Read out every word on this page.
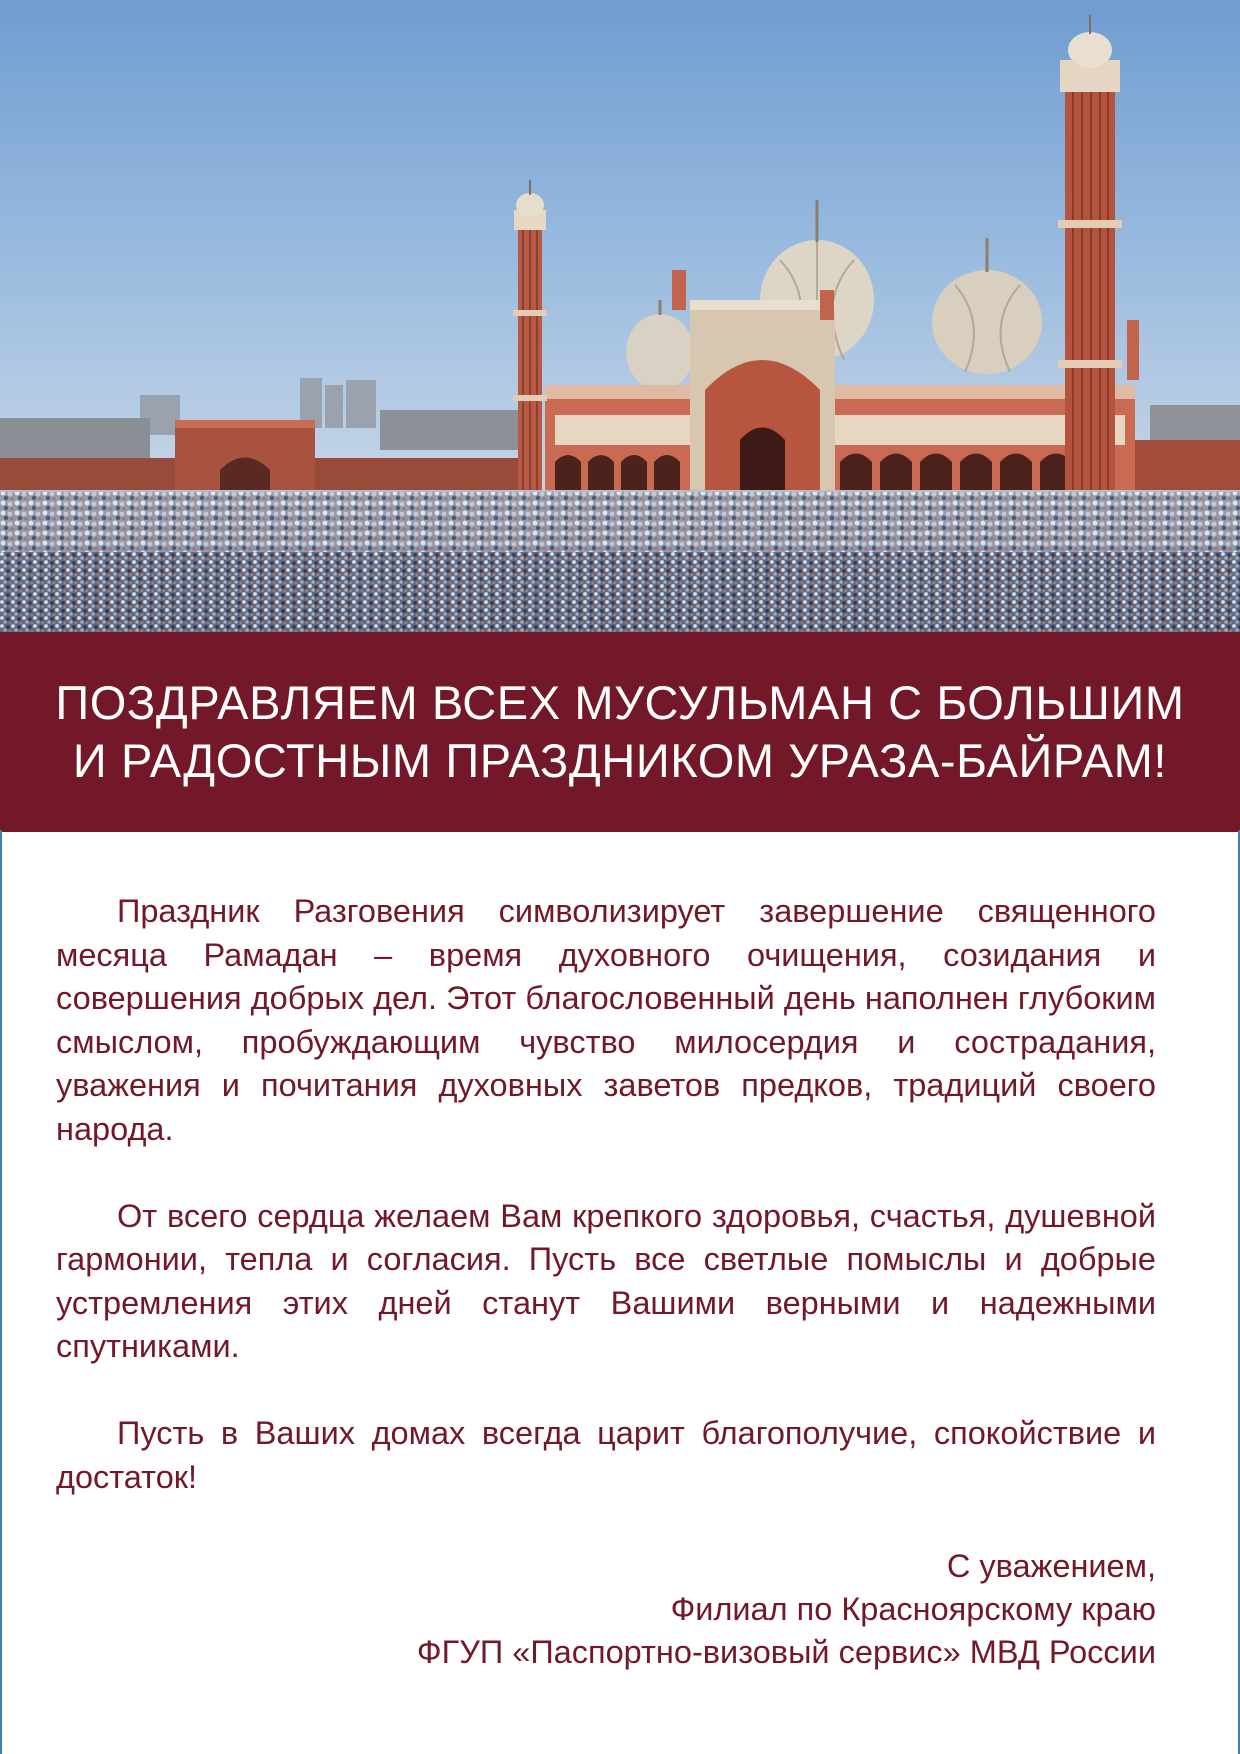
ПОЗДРАВЛЯЕМ ВСЕХ МУСУЛЬМАН С БОЛЬШИМ
И РАДОСТНЫМ ПРАЗДНИКОМ УРАЗА-БАЙРАМ!

Праздник Разговения символизирует завершение священного месяца Рамадан – время духовного очищения, созидания и совершения добрых дел. Этот благословенный день наполнен глубоким смыслом, пробуждающим чувство милосердия и сострадания, уважения и почитания духовных заветов предков, традиций своего народа.

От всего сердца желаем Вам крепкого здоровья, счастья, душевной гармонии, тепла и согласия. Пусть все светлые помыслы и добрые устремления этих дней станут Вашими верными и надежными спутниками.

Пусть в Ваших домах всегда царит благополучие, спокойствие и достаток!

С уважением,
Филиал по Красноярскому краю
ФГУП «Паспортно-визовый сервис» МВД России
